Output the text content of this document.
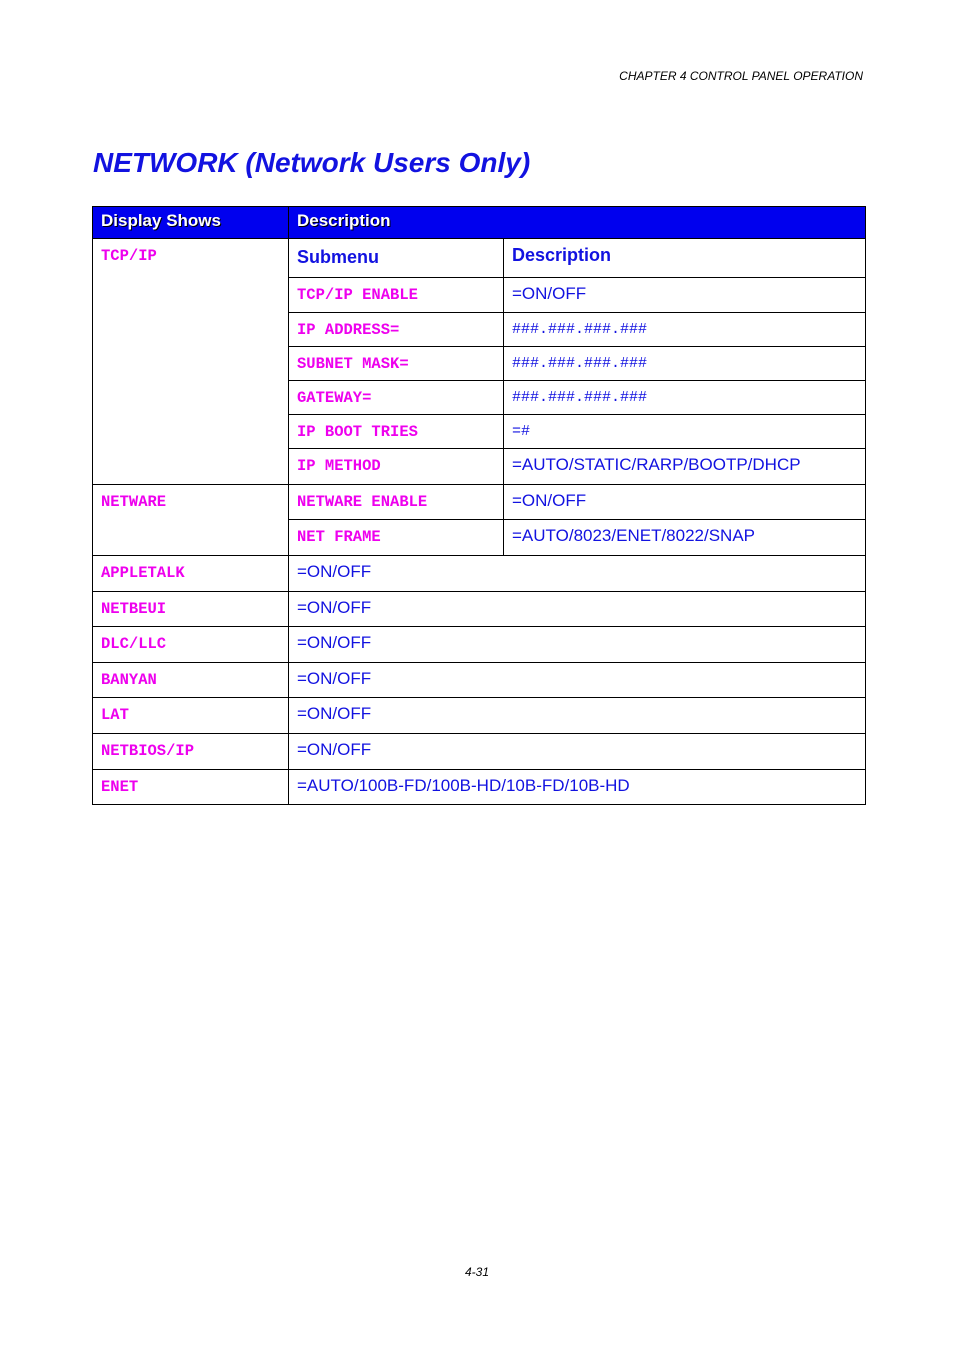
CHAPTER 4 CONTROL PANEL OPERATION
NETWORK (Network Users Only)
Display Shows	Description	
TCP/IP	Submenu	Description
	TCP/IP ENABLE	=ON/OFF
	IP ADDRESS=	###.###.###.###
	SUBNET MASK=	###.###.###.###
	GATEWAY=	###.###.###.###
	IP BOOT TRIES	=#
	IP METHOD	=AUTO/STATIC/RARP/BOOTP/DHCP
NETWARE	NETWARE ENABLE	=ON/OFF
	NET FRAME	=AUTO/8023/ENET/8022/SNAP
APPLETALK	=ON/OFF	
NETBEUI	=ON/OFF	
DLC/LLC	=ON/OFF	
BANYAN	=ON/OFF	
LAT	=ON/OFF	
NETBIOS/IP	=ON/OFF	
ENET	=AUTO/100B-FD/100B-HD/10B-FD/10B-HD	
4-31
